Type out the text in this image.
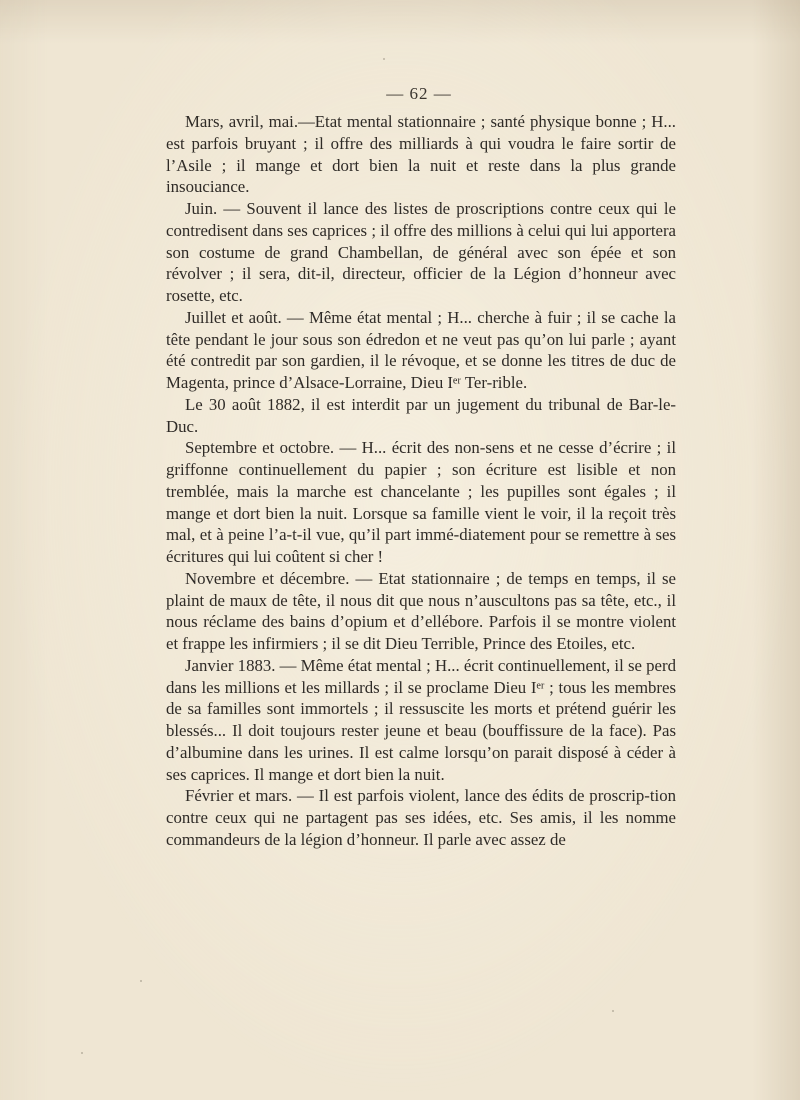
— 62 —

Mars, avril, mai.—Etat mental stationnaire ; santé physique bonne ; H... est parfois bruyant ; il offre des milliards à qui voudra le faire sortir de l’Asile ; il mange et dort bien la nuit et reste dans la plus grande insouciance.

Juin. — Souvent il lance des listes de proscriptions contre ceux qui le contredisent dans ses caprices ; il offre des millions à celui qui lui apportera son costume de grand Chambellan, de général avec son épée et son révolver ; il sera, dit-il, directeur, officier de la Légion d’honneur avec rosette, etc.

Juillet et août. — Même état mental ; H... cherche à fuir ; il se cache la tête pendant le jour sous son édredon et ne veut pas qu’on lui parle ; ayant été contredit par son gardien, il le révoque, et se donne les titres de duc de Magenta, prince d’Alsace-Lorraine, Dieu Iᵉʳ Ter-rible.

Le 30 août 1882, il est interdit par un jugement du tribunal de Bar-le-Duc.

Septembre et octobre. — H... écrit des non-sens et ne cesse d’écrire ; il griffonne continuellement du papier ; son écriture est lisible et non tremblée, mais la marche est chancelante ; les pupilles sont égales ; il mange et dort bien la nuit. Lorsque sa famille vient le voir, il la reçoit très mal, et à peine l’a-t-il vue, qu’il part immé-diatement pour se remettre à ses écritures qui lui coûtent si cher !

Novembre et décembre. — Etat stationnaire ; de temps en temps, il se plaint de maux de tête, il nous dit que nous n’auscultons pas sa tête, etc., il nous réclame des bains d’opium et d’ellébore. Parfois il se montre violent et frappe les infirmiers ; il se dit Dieu Terrible, Prince des Etoiles, etc.

Janvier 1883. — Même état mental ; H... écrit continuellement, il se perd dans les millions et les millards ; il se proclame Dieu Iᵉʳ ; tous les membres de sa familles sont immortels ; il ressuscite les morts et prétend guérir les blessés... Il doit toujours rester jeune et beau (bouffissure de la face). Pas d’albumine dans les urines. Il est calme lorsqu’on parait disposé à céder à ses caprices. Il mange et dort bien la nuit.

Février et mars. — Il est parfois violent, lance des édits de proscrip-tion contre ceux qui ne partagent pas ses idées, etc. Ses amis, il les nomme commandeurs de la légion d’honneur. Il parle avec assez de
